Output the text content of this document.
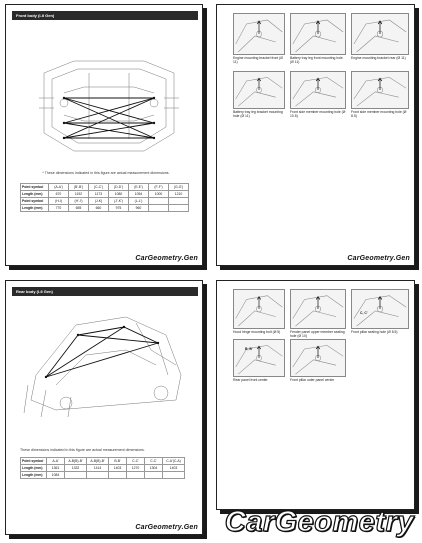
Front body (I-II Gen)
* These dimensions indicated in this figure are actual measurement dimensions.
Point symbol	(A-A')	(B'-B')	(C-C')	(D-D')	(E-E')	(F-F')	(G-G')
Length (mm)	670	1192	1173	1080	1054	1000	1210
Point symbol	(H-I)	(H'-I')	(J-K)	(J'-K')	(L-L')		
Length (mm)	770	655	660	975	960		
CarGeometry.Gen
Engine mounting bracket front (Ø 11)
Battery tray leg front mounting hole (Ø 11)
Engine mounting bracket rear (Ø 11)
Battery tray leg bracket mounting hole (Ø 11)
Front side member mounting hole (Ø 10.5)
Front side member mounting hole (Ø 8.5)
CarGeometry.Gen
Rear body (I-II Gen)
These dimensions indicated in this figure are actual measurement dimensions.
Point symbol	A-A'	A-B(B)-B'	A-B(B)-B'	B-B'	C-C'	C-C'	C-A'(C-A)
Length (mm)	1361	1332	1414	1403	1270	1304	1403
Length (mm)	1084						
CarGeometry.Gen
Hood hinge mounting bolt (Ø 5)	Fender panel upper member sealing hole (Ø 10)
Front pillar sealing hole (Ø 8.5)
Rear panel front center	Front pillar outer panel center
C, C'
B, B'
CarGeometry
